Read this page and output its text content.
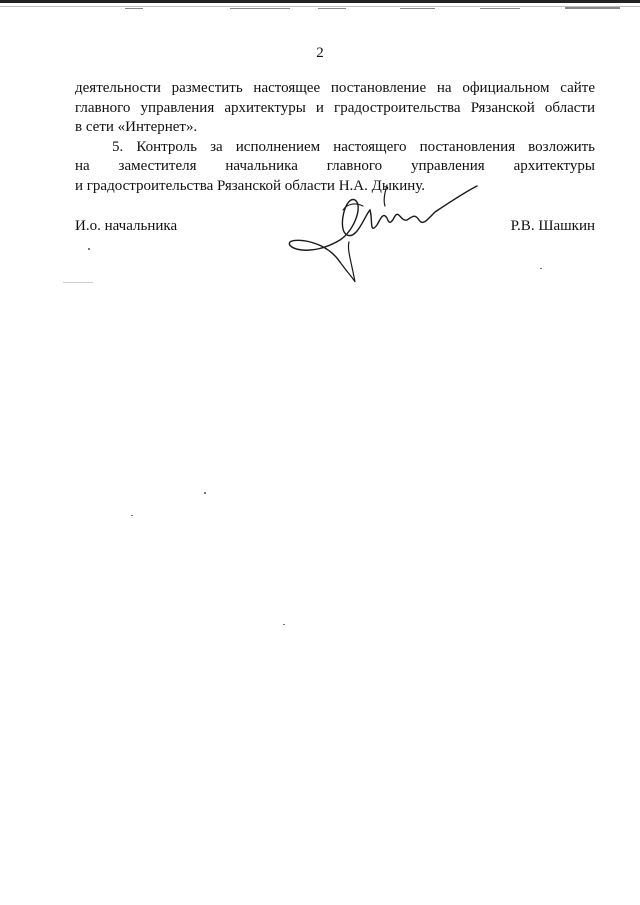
2
деятельности разместить настоящее постановление на официальном сайте
главного управления архитектуры и градостроительства Рязанской области
в сети «Интернет».
5. Контроль за исполнением настоящего постановления возложить
на заместителя начальника главного управления архитектуры
и градостроительства Рязанской области Н.А. Дыкину.
И.о. начальника	Р.В. Шашкин
